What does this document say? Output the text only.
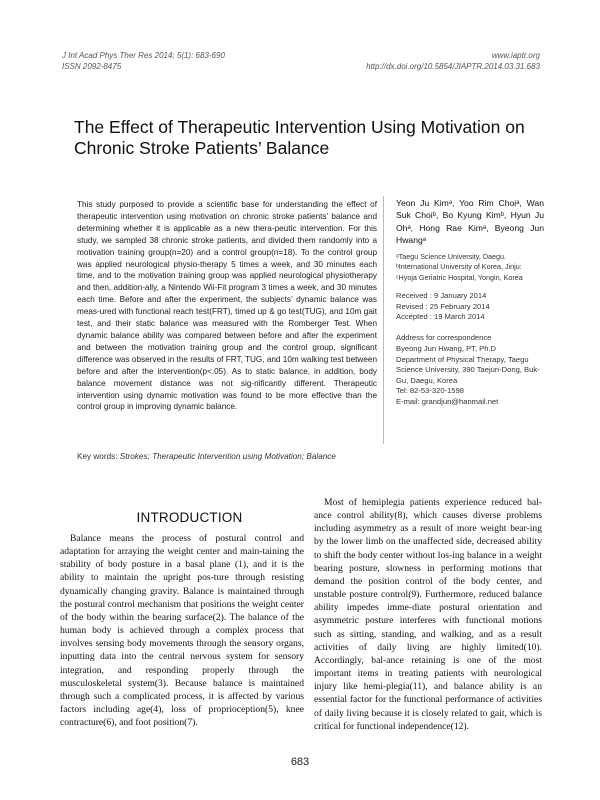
J Int Acad Phys Ther Res 2014; 5(1): 683-690
ISSN 2092-8475
www.iaptr.org
http://dx.doi.org/10.5854/JIAPTR.2014.03.31.683
The Effect of Therapeutic Intervention Using Motivation on
Chronic Stroke Patients’ Balance

This study purposed to provide a scientific base for understanding the effect of therapeutic intervention using motivation on chronic stroke patients’ balance and determining whether it is applicable as a new thera-peutic intervention. For this study, we sampled 38 chronic stroke patients, and divided them randomly into a motivation training group(n=20) and a control group(n=18). To the control group was applied neurological physio-therapy 5 times a week, and 30 minutes each time, and to the motivation training group was applied neurological physiotherapy and then, addition-ally, a Nintendo Wii-Fit program 3 times a week, and 30 minutes each time. Before and after the experiment, the subjects’ dynamic balance was meas-ured with functional reach test(FRT), timed up & go test(TUG), and 10m gait test, and their static balance was measured with the Romberger Test. When dynamic balance ability was compared between before and after the experiment and between the motivation training group and the control group, significant difference was observed in the results of FRT, TUG, and 10m walking test between before and after the intervention(p<.05). As to static balance, in addition, body balance movement distance was not sig-nificantly different. Therapeutic intervention using dynamic motivation was found to be more effective than the control group in improving dynamic balance.

Key words: Strokes; Therapeutic Intervention using Motivation; Balance

Yeon Ju Kimᵃ, Yoo Rim Choiᵃ, Wan Suk Choiᵇ, Bo Kyung Kimᵇ, Hyun Ju Ohᵃ, Hong Rae Kimᵃ, Byeong Jun Hwangᵃ

ᵃTaegu Science University, Daegu. ᵇInternational University of Korea, Jinju: ᶜHyoja Geriatric Hospital, Yongin, Korea

Received : 9 January 2014
Revised : 25 February 2014
Accepted : 19 March 2014
Address for correspondence
Byeong Jun Hwang, PT, Ph.D
Department of Physical Therapy, Taegu Science University, 390 Taejun-Dong, Buk-Gu, Daegu, Korea
Tel: 82-53-320-1598
E-mail: grandjun@hanmail.net
INTRODUCTION

Balance means the process of postural control and adaptation for arraying the weight center and main-taining the stability of body posture in a basal plane (1), and it is the ability to maintain the upright pos-ture through resisting dynamically changing gravity. Balance is maintained through the postural control mechanism that positions the weight center of the body within the bearing surface(2). The balance of the human body is achieved through a complex process that involves sensing body movements through the sensory organs, inputting data into the central nervous system for sensory integration, and responding properly through the musculoskeletal system(3). Because balance is maintained through such a complicated process, it is affected by various factors including age(4), loss of proprioception(5), knee contracture(6), and foot position(7).

Most of hemiplegia patients experience reduced bal-ance control ability(8), which causes diverse problems including asymmetry as a result of more weight bear-ing by the lower limb on the unaffected side, decreased ability to shift the body center without los-ing balance in a weight bearing posture, slowness in performing motions that demand the position control of the body center, and unstable posture control(9). Furthermore, reduced balance ability impedes imme-diate postural orientation and asymmetric posture interferes with functional motions such as sitting, standing, and walking, and as a result activities of daily living are highly limited(10). Accordingly, bal-ance retaining is one of the most important items in treating patients with neurological injury like hemi-plegia(11), and balance ability is an essential factor for the functional performance of activities of daily living because it is closely related to gait, which is critical for functional independence(12).

683
